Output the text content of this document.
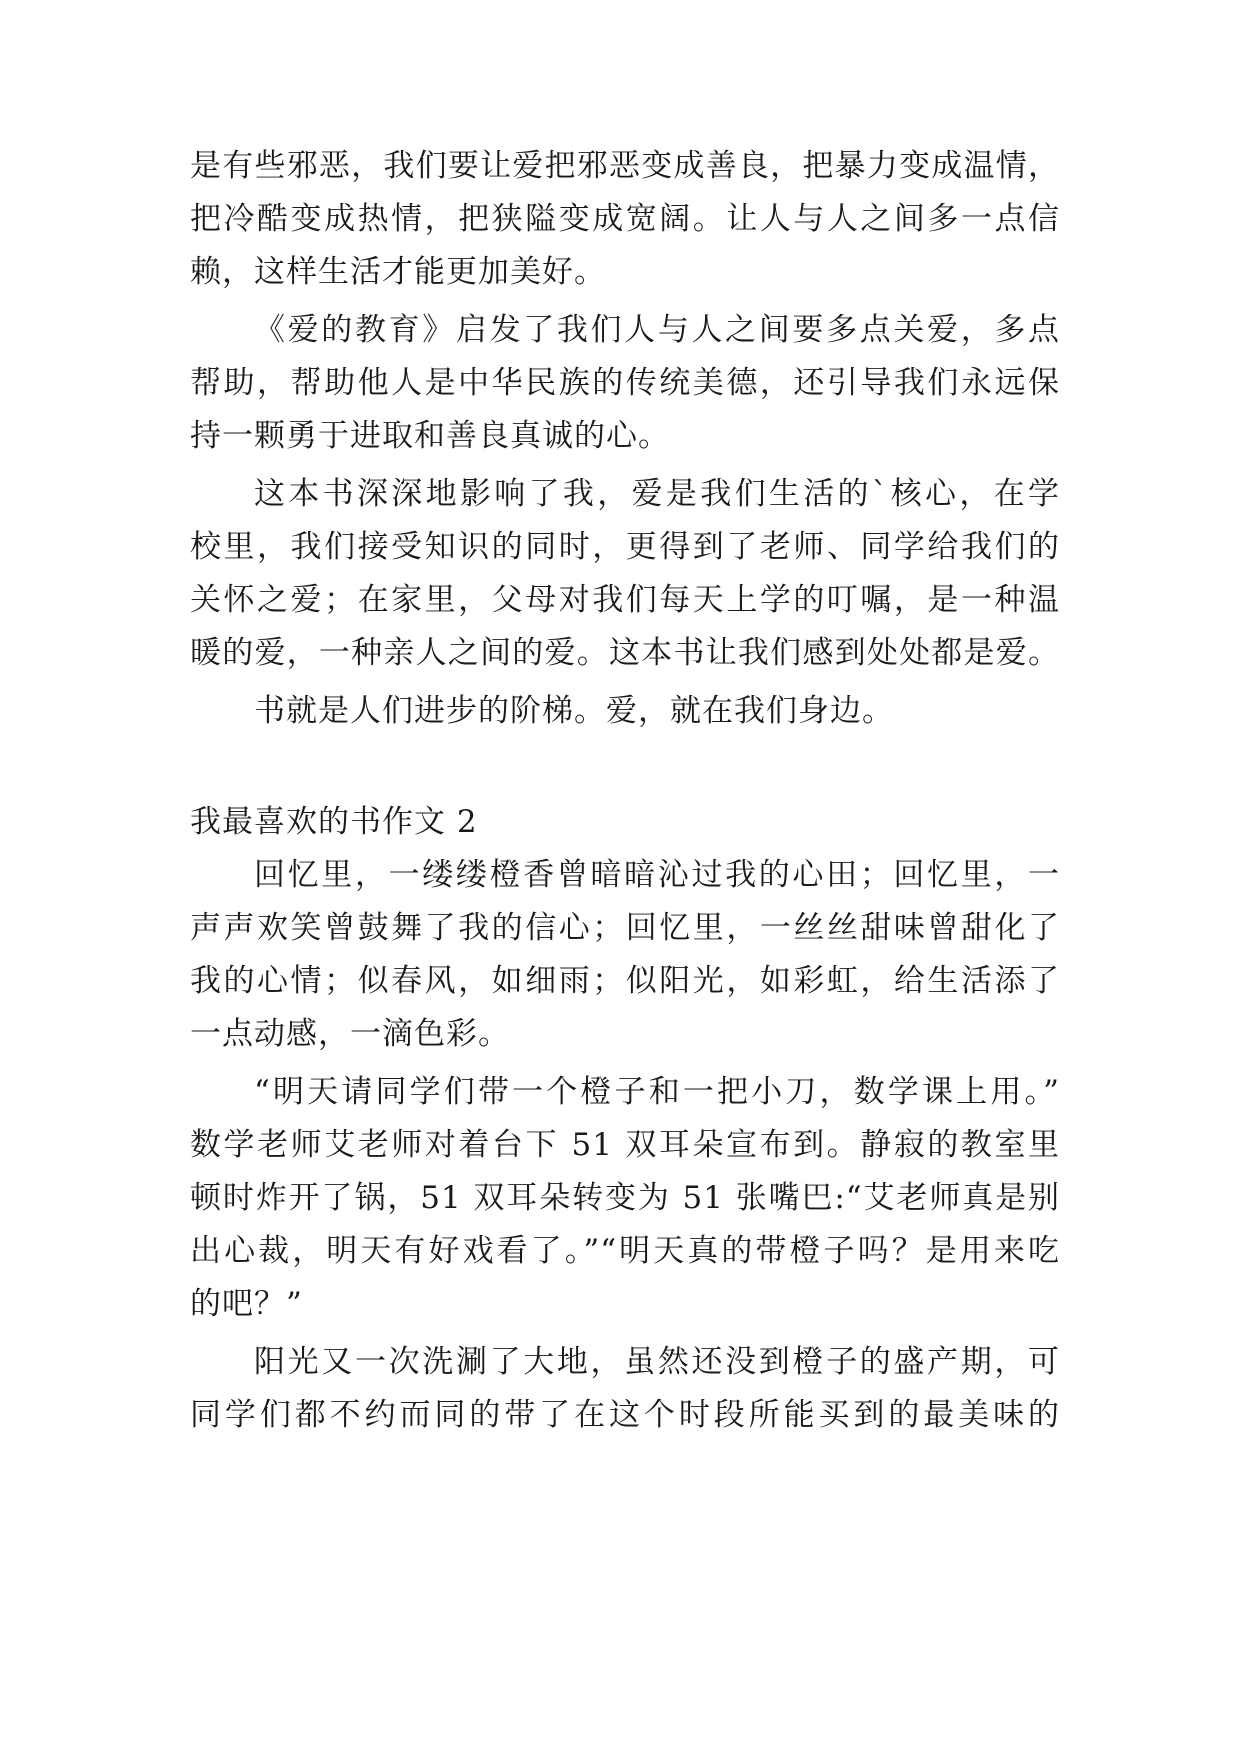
是有些邪恶，我们要让爱把邪恶变成善良，把暴力变成温情，
把冷酷变成热情，把狭隘变成宽阔。让人与人之间多一点信
赖，这样生活才能更加美好。
《爱的教育》启发了我们人与人之间要多点关爱，多点
帮助，帮助他人是中华民族的传统美德，还引导我们永远保
持一颗勇于进取和善良真诚的心。
这本书深深地影响了我，爱是我们生活的`核心，在学
校里，我们接受知识的同时，更得到了老师、同学给我们的
关怀之爱；在家里，父母对我们每天上学的叮嘱，是一种温
暖的爱，一种亲人之间的爱。这本书让我们感到处处都是爱。
书就是人们进步的阶梯。爱，就在我们身边。
我最喜欢的书作文 2
回忆里，一缕缕橙香曾暗暗沁过我的心田；回忆里，一
声声欢笑曾鼓舞了我的信心；回忆里，一丝丝甜味曾甜化了
我的心情；似春风，如细雨；似阳光，如彩虹，给生活添了
一点动感，一滴色彩。
“明天请同学们带一个橙子和一把小刀，数学课上用。”
数学老师艾老师对着台下 51 双耳朵宣布到。静寂的教室里
顿时炸开了锅，51 双耳朵转变为 51 张嘴巴:“艾老师真是别
出心裁，明天有好戏看了。”“明天真的带橙子吗？是用来吃
的吧？”
阳光又一次洗涮了大地，虽然还没到橙子的盛产期，可
同学们都不约而同的带了在这个时段所能买到的最美味的
